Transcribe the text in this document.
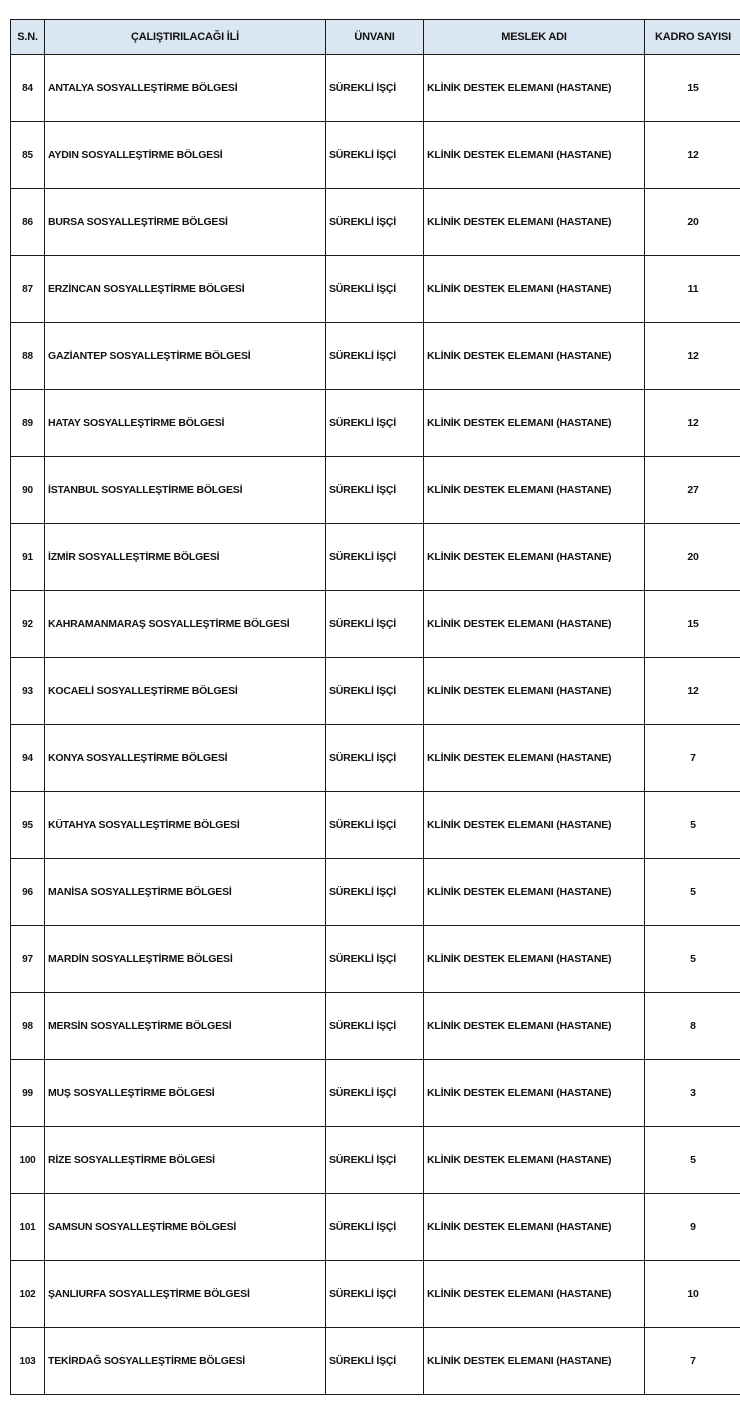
S.N.	ÇALIŞTIRILACAĞI İLİ	ÜNVANI	MESLEK ADI	KADRO SAYISI
84	ANTALYA SOSYALLEŞTİRME BÖLGESİ	SÜREKLİ İŞÇİ	KLİNİK DESTEK ELEMANI (HASTANE)	15
85	AYDIN SOSYALLEŞTİRME BÖLGESİ	SÜREKLİ İŞÇİ	KLİNİK DESTEK ELEMANI (HASTANE)	12
86	BURSA SOSYALLEŞTİRME BÖLGESİ	SÜREKLİ İŞÇİ	KLİNİK DESTEK ELEMANI (HASTANE)	20
87	ERZİNCAN SOSYALLEŞTİRME BÖLGESİ	SÜREKLİ İŞÇİ	KLİNİK DESTEK ELEMANI (HASTANE)	11
88	GAZİANTEP SOSYALLEŞTİRME BÖLGESİ	SÜREKLİ İŞÇİ	KLİNİK DESTEK ELEMANI (HASTANE)	12
89	HATAY SOSYALLEŞTİRME BÖLGESİ	SÜREKLİ İŞÇİ	KLİNİK DESTEK ELEMANI (HASTANE)	12
90	İSTANBUL SOSYALLEŞTİRME BÖLGESİ	SÜREKLİ İŞÇİ	KLİNİK DESTEK ELEMANI (HASTANE)	27
91	İZMİR SOSYALLEŞTİRME BÖLGESİ	SÜREKLİ İŞÇİ	KLİNİK DESTEK ELEMANI (HASTANE)	20
92	KAHRAMANMARAŞ SOSYALLEŞTİRME BÖLGESİ	SÜREKLİ İŞÇİ	KLİNİK DESTEK ELEMANI (HASTANE)	15
93	KOCAELİ SOSYALLEŞTİRME BÖLGESİ	SÜREKLİ İŞÇİ	KLİNİK DESTEK ELEMANI (HASTANE)	12
94	KONYA SOSYALLEŞTİRME BÖLGESİ	SÜREKLİ İŞÇİ	KLİNİK DESTEK ELEMANI (HASTANE)	7
95	KÜTAHYA SOSYALLEŞTİRME BÖLGESİ	SÜREKLİ İŞÇİ	KLİNİK DESTEK ELEMANI (HASTANE)	5
96	MANİSA SOSYALLEŞTİRME BÖLGESİ	SÜREKLİ İŞÇİ	KLİNİK DESTEK ELEMANI (HASTANE)	5
97	MARDİN SOSYALLEŞTİRME BÖLGESİ	SÜREKLİ İŞÇİ	KLİNİK DESTEK ELEMANI (HASTANE)	5
98	MERSİN SOSYALLEŞTİRME BÖLGESİ	SÜREKLİ İŞÇİ	KLİNİK DESTEK ELEMANI (HASTANE)	8
99	MUŞ SOSYALLEŞTİRME BÖLGESİ	SÜREKLİ İŞÇİ	KLİNİK DESTEK ELEMANI (HASTANE)	3
100	RİZE SOSYALLEŞTİRME BÖLGESİ	SÜREKLİ İŞÇİ	KLİNİK DESTEK ELEMANI (HASTANE)	5
101	SAMSUN SOSYALLEŞTİRME BÖLGESİ	SÜREKLİ İŞÇİ	KLİNİK DESTEK ELEMANI (HASTANE)	9
102	ŞANLIURFA SOSYALLEŞTİRME BÖLGESİ	SÜREKLİ İŞÇİ	KLİNİK DESTEK ELEMANI (HASTANE)	10
103	TEKİRDAĞ SOSYALLEŞTİRME BÖLGESİ	SÜREKLİ İŞÇİ	KLİNİK DESTEK ELEMANI (HASTANE)	7
